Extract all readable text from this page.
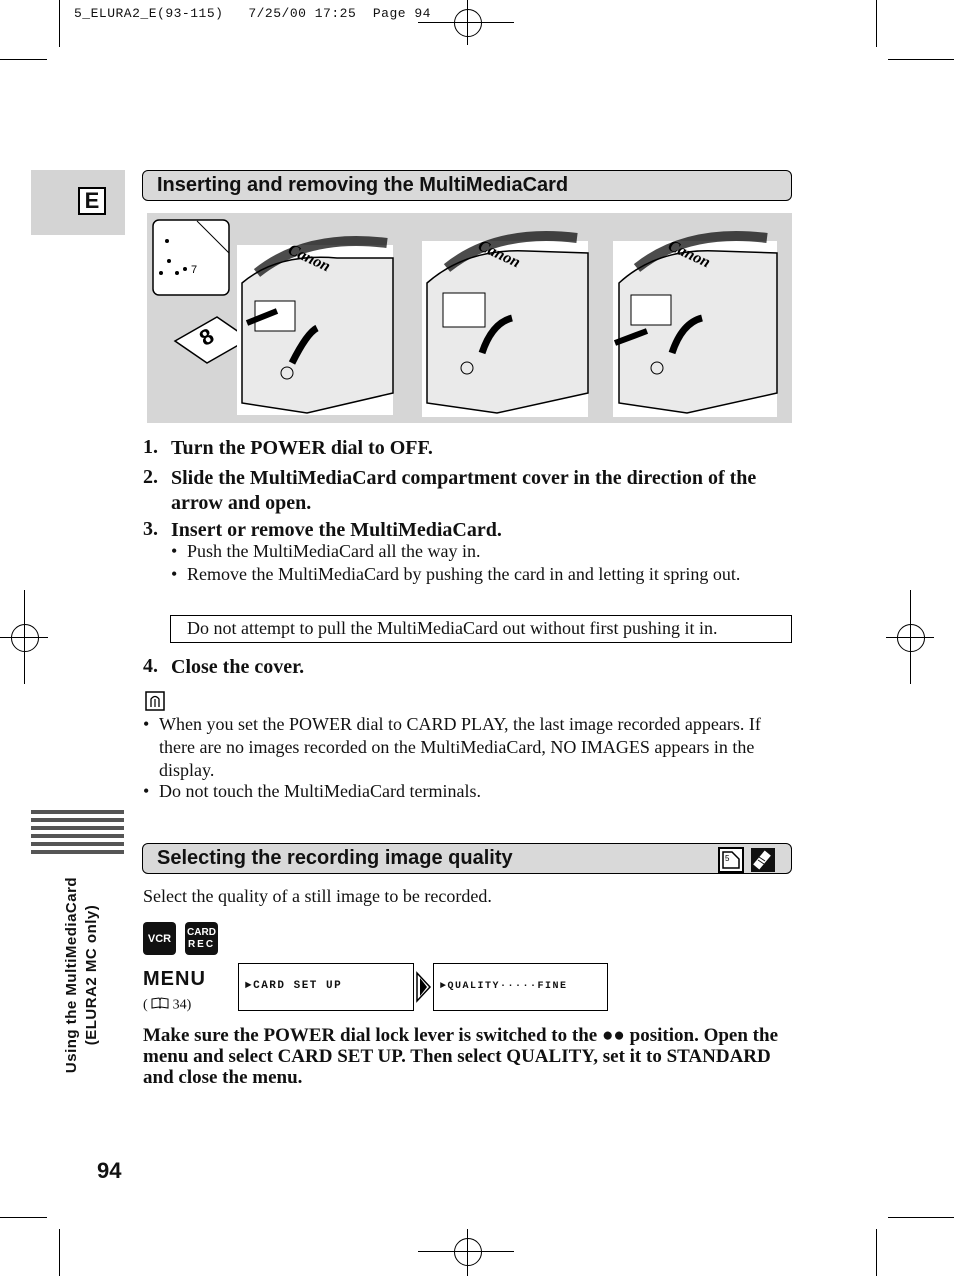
5_ELURA2_E(93-115)   7/25/00 17:25  Page 94
E
Inserting and removing the MultiMediaCard
7
8
Canon	Canon	Canon
1. Turn the POWER dial to OFF.
2. Slide the MultiMediaCard compartment cover in the direction of the arrow and open.
3. Insert or remove the MultiMediaCard.
• Push the MultiMediaCard all the way in.
• Remove the MultiMediaCard by pushing the card in and letting it spring out.
Do not attempt to pull the MultiMediaCard out without first pushing it in.
4. Close the cover.
• When you set the POWER dial to CARD PLAY, the last image recorded appears. If there are no images recorded on the MultiMediaCard, NO IMAGES appears in the display.
• Do not touch the MultiMediaCard terminals.
Selecting the recording image quality	5
Select the quality of a still image to be recorded.
VCR
CARD
REC
MENU
( 34)
►CARD SET UP	►QUALITY·····FINE
Make sure the POWER dial lock lever is switched to the ●● position. Open the menu and select CARD SET UP. Then select QUALITY, set it to STANDARD and close the menu.
Using the MultiMediaCard (ELURA2 MC only)
94
